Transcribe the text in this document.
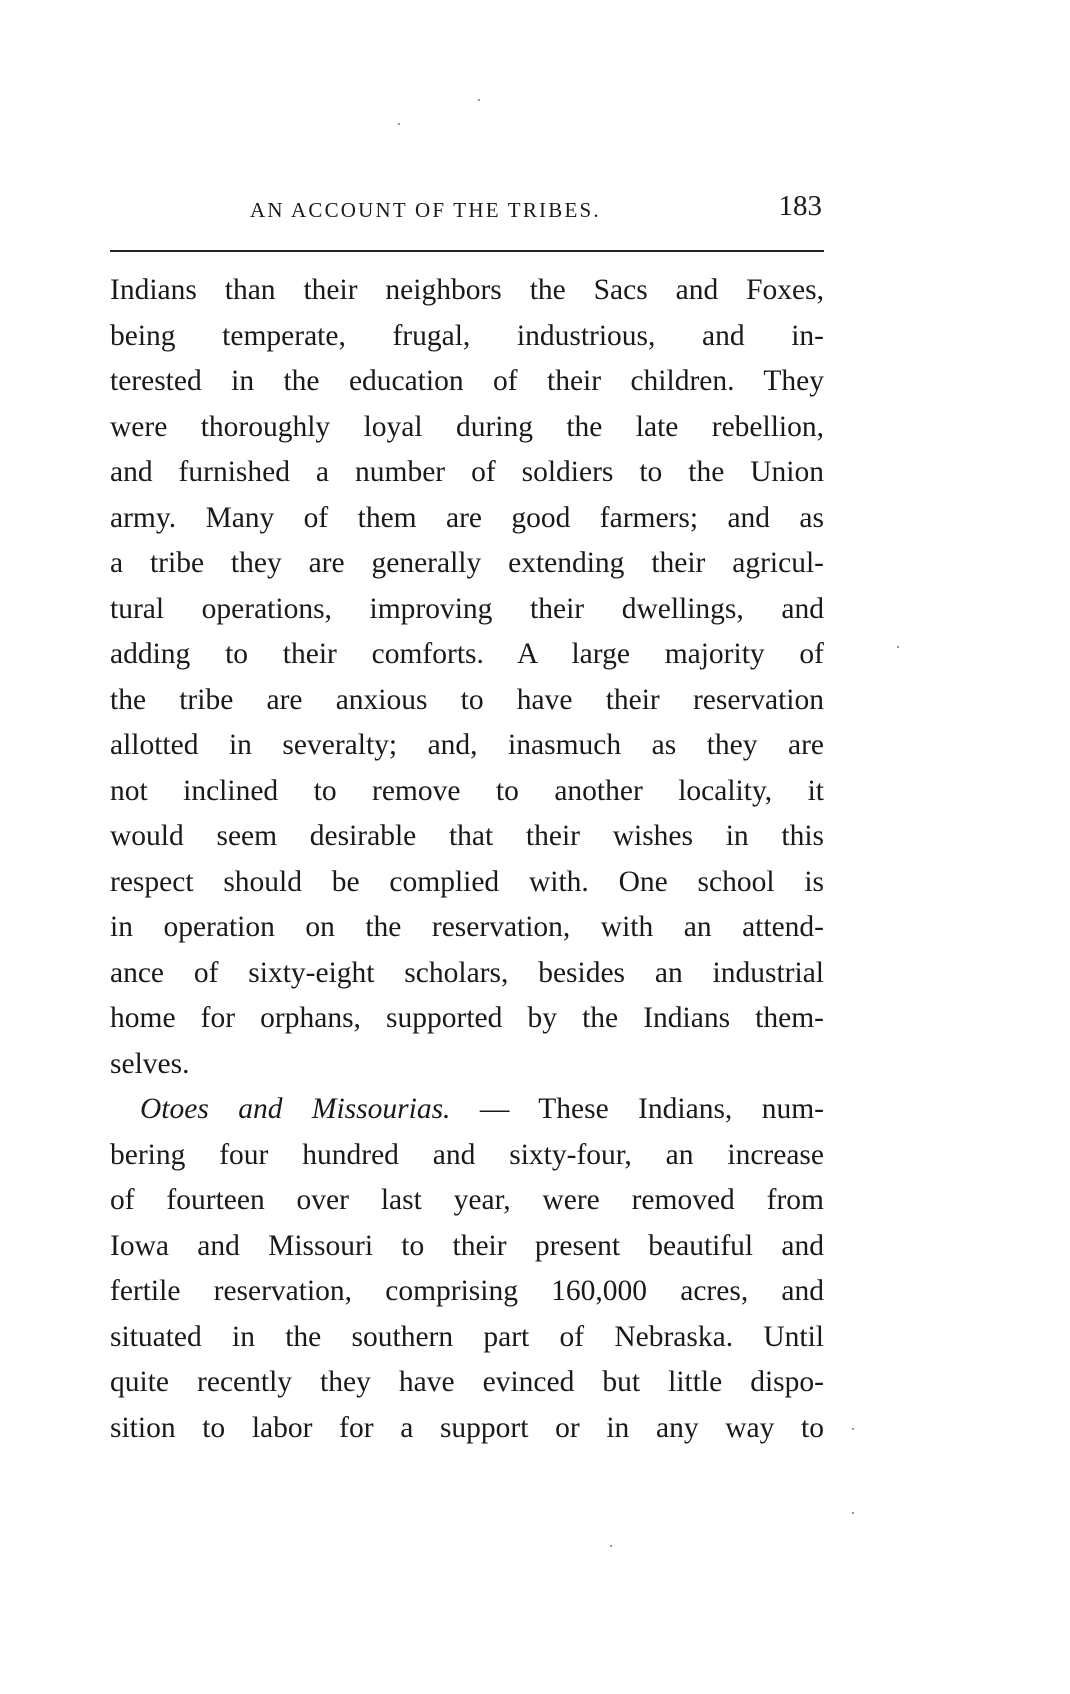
AN ACCOUNT OF THE TRIBES.	183
Indians than their neighbors the Sacs and Foxes,
being temperate, frugal, industrious, and in-
terested in the education of their children. They
were thoroughly loyal during the late rebellion,
and furnished a number of soldiers to the Union
army. Many of them are good farmers; and as
a tribe they are generally extending their agricul-
tural operations, improving their dwellings, and
adding to their comforts. A large majority of
the tribe are anxious to have their reservation
allotted in severalty; and, inasmuch as they are
not inclined to remove to another locality, it
would seem desirable that their wishes in this
respect should be complied with. One school is
in operation on the reservation, with an attend-
ance of sixty-eight scholars, besides an industrial
home for orphans, supported by the Indians them-
selves.
Otoes and Missourias. — These Indians, num-
bering four hundred and sixty-four, an increase
of fourteen over last year, were removed from
Iowa and Missouri to their present beautiful and
fertile reservation, comprising 160,000 acres, and
situated in the southern part of Nebraska. Until
quite recently they have evinced but little dispo-
sition to labor for a support or in any way to
